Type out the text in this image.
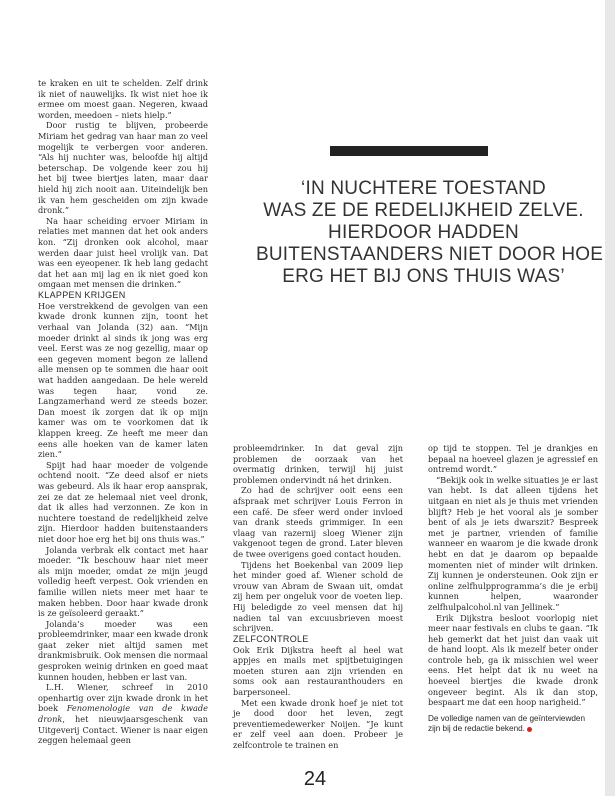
te kraken en uit te schelden. Zelf drink ik niet of nauwelijks. Ik wist niet hoe ik ermee om moest gaan. Negeren, kwaad worden, meedoen – niets hielp.”

Door rustig te blijven, probeerde Miriam het gedrag van haar man zo veel mogelijk te verbergen voor anderen. “Als hij nuchter was, beloofde hij altijd beterschap. De volgende keer zou hij het bij twee biertjes laten, maar daar hield hij zich nooit aan. Uiteindelijk ben ik van hem gescheiden om zijn kwade dronk.”

Na haar scheiding ervoer Miriam in relaties met mannen dat het ook anders kon. “Zij dronken ook alcohol, maar werden daar juist heel vrolijk van. Dat was een eyeopener. Ik heb lang gedacht dat het aan mij lag en ik niet goed kon omgaan met mensen die drinken.”

KLAPPEN KRIJGEN

Hoe verstrekkend de gevolgen van een kwade dronk kunnen zijn, toont het verhaal van Jolanda (32) aan. “Mijn moeder drinkt al sinds ik jong was erg veel. Eerst was ze nog gezellig, maar op een gegeven moment begon ze lallend alle mensen op te sommen die haar ooit wat hadden aangedaan. De hele wereld was tegen haar, vond ze. Langzamerhand werd ze steeds bozer. Dan moest ik zorgen dat ik op mijn kamer was om te voorkomen dat ik klappen kreeg. Ze heeft me meer dan eens alle hoeken van de kamer laten zien.”

Spijt had haar moeder de volgende ochtend nooit. “Ze deed alsof er niets was gebeurd. Als ik haar erop aansprak, zei ze dat ze helemaal niet veel dronk, dat ik alles had verzonnen. Ze kon in nuchtere toestand de redelijkheid zelve zijn. Hierdoor hadden buitenstaanders niet door hoe erg het bij ons thuis was.”

Jolanda verbrak elk contact met haar moeder. “Ik beschouw haar niet meer als mijn moeder, omdat ze mijn jeugd volledig heeft verpest. Ook vrienden en familie willen niets meer met haar te maken hebben. Door haar kwade dronk is ze geïsoleerd geraakt.”

Jolanda’s moeder was een probleemdrinker, maar een kwade dronk gaat zeker niet altijd samen met drankmisbruik. Ook mensen die normaal gesproken weinig drinken en goed maat kunnen houden, hebben er last van.

L.H. Wiener, schreef in 2010 openhartig over zijn kwade dronk in het boek Fenomenologie van de kwade dronk, het nieuwjaarsgeschenk van Uitgeverij Contact. Wiener is naar eigen zeggen helemaal geen

‘IN NUCHTERE TOESTAND
WAS ZE DE REDELIJKHEID ZELVE.
HIERDOOR HADDEN
BUITENSTAANDERS NIET DOOR HOE
ERG HET BIJ ONS THUIS WAS’

probleemdrinker. In dat geval zijn problemen de oorzaak van het overmatig drinken, terwijl hij juist problemen ondervindt ná het drinken.

Zo had de schrijver ooit eens een afspraak met schrijver Louis Ferron in een café. De sfeer werd onder invloed van drank steeds grimmiger. In een vlaag van razernij sloeg Wiener zijn vakgenoot tegen de grond. Later bleven de twee overigens goed contact houden.

Tijdens het Boekenbal van 2009 liep het minder goed af. Wiener schold de vrouw van Abram de Swaan uit, omdat zij hem per ongeluk voor de voeten liep. Hij beledigde zo veel mensen dat hij nadien tal van excuusbrieven moest schrijven.

ZELFCONTROLE

Ook Erik Dijkstra heeft al heel wat appjes en mails met spijtbetuigingen moeten sturen aan zijn vrienden en soms ook aan restauranthouders en barpersoneel.

Met een kwade dronk hoef je niet tot je dood door het leven, zegt preventiemedewerker Noijen. “Je kunt er zelf veel aan doen. Probeer je zelfcontrole te trainen en

op tijd te stoppen. Tel je drankjes en bepaal na hoeveel glazen je agressief en ontremd wordt.”

“Bekijk ook in welke situaties je er last van hebt. Is dat alleen tijdens het uitgaan en niet als je thuis met vrienden blijft? Heb je het vooral als je somber bent of als je iets dwarszit? Bespreek met je partner, vrienden of familie wanneer en waarom je die kwade dronk hebt en dat je daarom op bepaalde momenten niet of minder wilt drinken. Zij kunnen je ondersteunen. Ook zijn er online zelfhulpprogramma’s die je erbij kunnen helpen, waaronder zelfhulpalcohol.nl van Jellinek.”

Erik Dijkstra besloot voorlopig niet meer naar festivals en clubs te gaan. “Ik heb gemerkt dat het juist dan vaak uit de hand loopt. Als ik mezelf beter onder controle heb, ga ik misschien wel weer eens. Het helpt dat ik nu weet na hoeveel biertjes die kwade dronk ongeveer begint. Als ik dan stop, bespaart me dat een hoop narigheid.”

De volledige namen van de geïnterviewden zijn bij de redactie bekend.
24
